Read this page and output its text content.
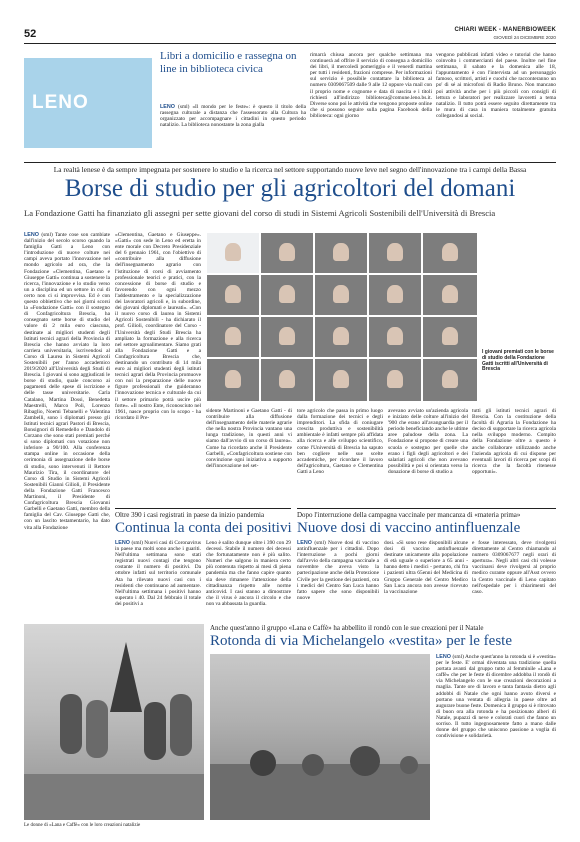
52	CHIARI WEEK - MANERBIOWEEK
GIOVEDÌ 24 DICEMBRE 2020
LENO
Libri a domicilio e rassegna on line in biblioteca civica
LENO (sml) «Il mondo per le feste»: è questo il titolo della rassegna culturale a distanza che l'assessorato alla Cultura ha organizzato per accompagnare i cittadini in questo periodo natalizio. La biblioteca nonostante la zona gialla
rimarrà chiusa ancora per qualche settimana ma continuerà ad offrire il servizio di consegna a domicilio dei libri, il mercoledì pomeriggio e il venerdì mattina per tutti i residenti, frazioni comprese. Per informazioni sul servizio è possibile contattare la biblioteca al numero 0309067509 dalle 9 alle 12 oppure via mail con il proprio nome e cognome e data di nascita e i titoli richiesti all'indirizzo biblioteca@comune.leno.bs.it. Diverse sono poi le attività che vengono proposte online che si possono seguire sulla pagina Facebook della biblioteca: ogni giorno
vengono pubblicati infatti video e tutorial che hanno coinvolto i commercianti del paese. Inoltre nel fine settimana, il sabato e la domenica alle 18, l'appuntamento è con l'intervista ad un personaggio famoso, scrittori, artisti e cuochi che racconteranno un po' di sé ai microfoni di Radio Bruno. Non mancano poi attività anche per i più piccoli con consigli di lettura e laboratori per realizzare lavoretti a tema natalizio. Il tutto potrà essere seguito direttamente tra le mura di casa in maniera totalmente gratuita collegandosi ai social.
La realtà lenese è da sempre impegnata per sostenere lo studio e la ricerca nel settore supportando nuove leve nel segno dell'innovazione tra i campi della Bassa
Borse di studio per gli agricoltori del domani
La Fondazione Gatti ha finanziato gli assegni per sette giovani del corso di studi in Sistemi Agricoli Sostenibili dell'Università di Brescia
LENO (sml) Tante cose son cambiate dall'inizio del secolo scorso quando la famiglia Gatti a Leno con l'introduzione di nuove colture nei campi aveva portato l'innovazione nel mondo agricolo ad ora, che la Fondazione «Clementina, Gaetano e Giuseppe Gatti» continua a sostenere la ricerca, l'innovazione e lo studio verso un a disciplina ed un settore in cui di certo non ci si improvvisa. Ed è con questo obbiettivo che nei giorni scorsi la «Fondazione Gatti» con il sostegno di Confagricoltura Brescia, ha consegnato sette borse di studio del valore di 2 mila euro ciascuna, destinate ai migliori studenti degli Istituti tecnici agrari della Provincia di Brescia che hanno avviato la loro carriera universitaria, iscrivendosi al Corso di Laurea in Sistemi Agricoli Sostenibili per l'anno accademico 2019/2020 all'Università degli Studi di Brescia. I giovani si sono aggiudicati le borse di studio, quale concorso ai pagamenti delle spese di iscrizione e delle tasse universitarie. Carla Catalano, Martina Dossi, Benedetta Maestrelli, Marco Poli, Lorenzo Ribaglio, Noemi Tebanelli e Valentina Zambelli, sono i diplomati presso gli Istituti tecnici agrari Pastori di Brescia, Bonsignori di Remedello e Dandolo di Corzano che sono stati premiati perché si sono diplomati con votazione non inferiore a 90/100. Alla conferenza stampa online in occasione della cerimonia di assegnazione delle borse di studio, sono intervenuti il Rettore Maurizio Tira, il coordinatore del Corso di Studio in Sistemi Agricoli Sostenibili Gianni Gilioli, il Presidente della Fondazione Gatti Francesco Martinoni, il Presidente di Confagricoltura Brescia Giovanni Garbelli e Gaetano Gatti, membro della famiglia del Cav. Giuseppe Gatti che, con un lascito testamentario, ha dato vita alla Fondazione
«Clementina, Gaetano e Giuseppe». «Gatti» con sede in Leno ed eretta in ente morale con Decreto Presidenziale del 6 gennaio 1961, con l'obiettivo di «contribuire alla diffusione dell'insegnamento agrario con l'istituzione di corsi di avviamento professionale teorici e pratici, con la concessione di borse di studio e favorendo con ogni mezzo l'addestramento e la specializzazione dei lavoratori agricoli e, in subordine, dei giovani diplomati e laureati». «Con il nuovo corso di laurea in Sistemi Agricoli Sostenibili - ha dichiarato il prof. Gilioli, coordinatore del Corso - l'Università degli Studi Brescia ha ampliato la formazione e alla ricerca nel settore agroalimentare. Siamo grati alla Fondazione Gatti e a Confagricoltura Brescia che, destinando un contributo di 14 mila euro ai migliori studenti degli istituti tecnici agrari della Provincia promuove con noi la preparazione delle nuove figure professionali che guideranno l'innovazione tecnica e culturale da cui il settore primario potrà uscire più forte». «Il nostro Ente, riconosciuto nel 1961, nasce proprio con lo scopo - ha ricordato il Pre-
I giovani premiati con le borse di studio della Fondazione Gatti iscritti all'Università di Brescia
sidente Martinoni e Gaetano Gatti - di contribuire alla diffusione dell'insegnamento delle materie agrarie che nella nostra Provincia vantano una lunga tradizione, in questi anni vi siamo dall'avvio di un corso di laurea». Come ha ricordato anche il Presidente Garbelli, «Confagricoltura sostiene con convinzione ogni iniziativa a supporto dell'innovazione nel set-
tore agricolo che passa in primo luogo dalla formazione dei tecnici e degli imprenditori. La sfida di coniugare crescita produttiva e sostenibilità ambientale è infatti sempre più affidata alla ricerca e alle sviluppo scientifico, come l'Università di Brescia ha saputo ben cogliere nelle sue scelte accademiche, per ricordare il lavoro dell'agricoltura, Gaetano e Clementina Gatti a Leno
avevano avviato un'azienda agricola e iniziato delle colture all'inizio del '900 che erano all'avanguardia per il periodo beneficiando anche le ultime aree paludose della zona. La Fondazione si propone di creare una scuola e sostegno per quelle che erano i figli degli agricoltori e dei salariati agricoli che non avevano possibilità e poi si orientata verso la donazione di borse di studio a
tutti gli istituti tecnici agrari di Brescia. Con la costituzione della facoltà di Agraria la Fondazione ha deciso di supportare la ricerca agricola nella sviluppo moderno. Compito della Fondazione oltre a questo è anche collaborare utilizzando anche l'azienda agricola di cui dispone per eventuali lavori di ricerca per scopi di ricerca che la facoltà ritenesse opportuni».
Oltre 390 i casi registrati in paese da inizio pandemia
Continua la conta dei positivi
LENO (sml) Nuovi casi di Coronavirus in paese ma molti sono anche i guariti. Nell'ultima settimana sono stati registrati nuovi contagi che tengono costante il numero di positivi. Da ottobre infatti sul territorio comunale Ata ha rilevato nuovi casi con i residenti che continuano ad aumentare. Nell'ultima settimana i positivi hanno superato i 40. Dal 24 febbraio il totale dei positivi a
Leno è salito dunque oltre i 390 con 29 decessi. Stabile il numero dei decessi che fortunatamente non è più salito. Numeri che salgono in maniera certo più contenuta rispetto ai mesi di piena pandemia ma che fanno capire quanto sia deve rimanere l'attenzione della cittadinanza rispetto alle norme anticovid. I casi stanno a dimostrare che il virus è ancora il circolo e che non va abbassata la guardia.
Dopo l'interruzione della campagna vaccinale per mancanza di «materia prima»
Nuove dosi di vaccino antinfluenzale
LENO (sml) Nuove dosi di vaccino antinfluenzale per i cittadini. Dopo l'interruzione a pochi giorni dall'avvio della campagna vaccinale a novembre che aveva visto la partecipazione anche della Protezione Civile per la gestione dei pazienti, ora i medici del Centro San Luca hanno fatto sapere che sono disponibili nuove
dosi. «Si sono rese disponibili alcune dosi di vaccino antinfluenzale destinate unicamente alla popolazione di età uguale o superiore a 65 anni - hanno detto i medici - pertanto, chi fra i pazienti ultra 65enni del Medicina di Gruppo Generale del Centro Medico San Luca ancora non avesse ricevuto la vaccinazione
e fosse interessato, deve rivolgersi direttamente al Centro chiamando al numero 0309067677 negli orari di apertura». Negli altri casi chi volesse vaccinarsi deve rivolgersi al proprio medico curante oppure all'Asst ovvero la Centro vaccinale di Leno capitato nell'ospedale per i chiarimenti del caso.
Le donne di «Lana e Caffè» con le loro creazioni natalizie
Anche quest'anno il gruppo «Lana e Caffè» ha abbellito il rondò con le sue creazioni per il Natale
Rotonda di via Michelangelo «vestita» per le feste
LENO (sml) Anche quest'anno la rotonda si è «vestita» per le feste. E' ormai diventata una tradizione quella portata avanti dal gruppo tutto al femminile «Lana e caffè» che per le feste di dicembre addobba il rondò di via Michelangelo con le sue creazioni decorazioni a maglia. Tante ore di lavoro e tanta fantasia dietro agli addobbi di Natale che ogni hanno avuto diversi e portano una ventata di allegria in paese oltre ad augurare buone feste. Domenica il gruppo si è ritrovato di buon ora alla rotonda e ha posizionato alberi di Natale, pupazzi di neve e colorati cuori che fanno un sorriso. Il tutto ingegnosamente fatto a mano dalle donne del gruppo che uniscono passione a voglia di condivisione e solidarietà.
